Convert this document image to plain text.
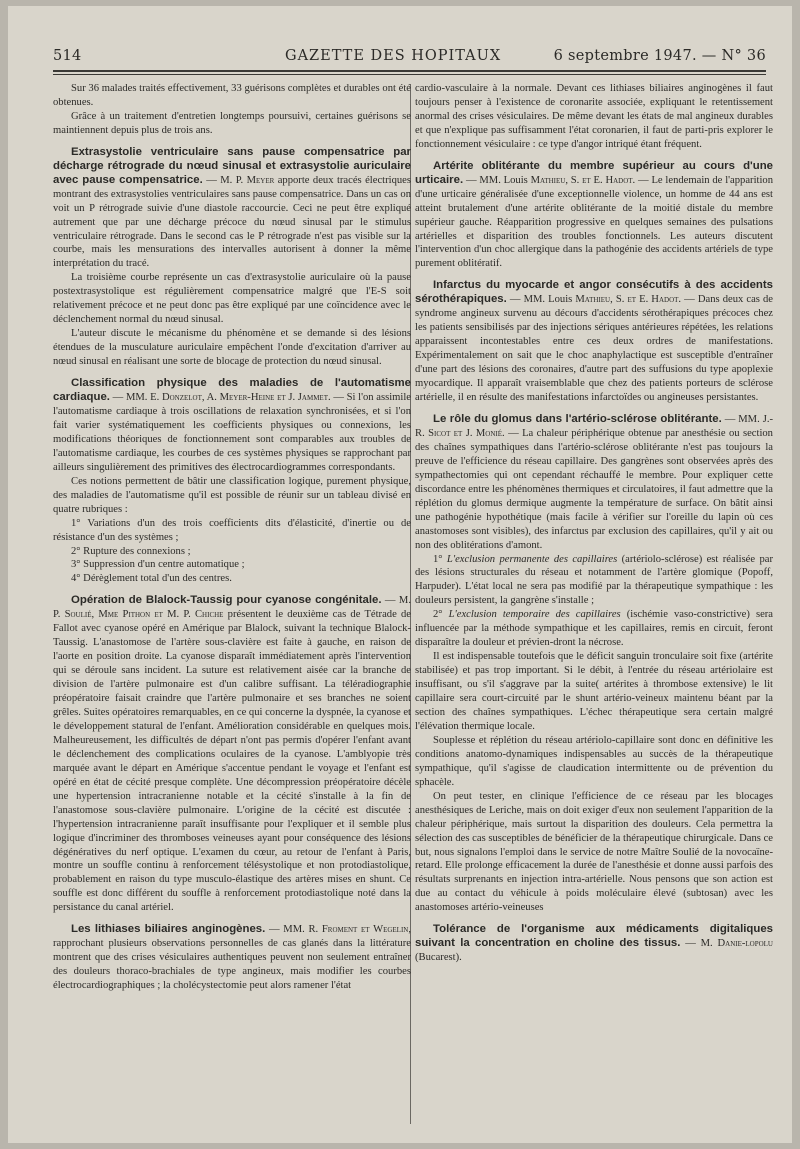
514	GAZETTE DES HOPITAUX	6 septembre 1947. — N° 36

Sur 36 malades traités effectivement, 33 guérisons complètes et durables ont été obtenues.

Grâce à un traitement d'entretien longtemps poursuivi, certaines guérisons se maintiennent depuis plus de trois ans.

Extrasystolie ventriculaire sans pause compensatrice par décharge rétrograde du nœud sinusal et extrasystolie auriculaire avec pause compensatrice. — M. P. Meyer apporte deux tracés électriques montrant des extrasystolies ventriculaires sans pause compensatrice. Dans un cas on voit un P rétrograde suivie d'une diastole raccourcie. Ceci ne peut être expliqué autrement que par une décharge précoce du nœud sinusal par le stimulus ventriculaire rétrograde. Dans le second cas le P rétrograde n'est pas visible sur la courbe, mais les mensurations des intervalles autorisent à donner la même interprétation du tracé.

La troisième courbe représente un cas d'extrasystolie auriculaire où la pause postextrasystolique est régulièrement compensatrice malgré que l'E-S soit relativement précoce et ne peut donc pas être expliqué par une coïncidence avec le déclenchement normal du nœud sinusal.

L'auteur discute le mécanisme du phénomène et se demande si des lésions étendues de la musculature auriculaire empêchent l'onde d'excitation d'arriver au nœud sinusal en réalisant une sorte de blocage de protection du nœud sinusal.

Classification physique des maladies de l'automatisme cardiaque. — MM. E. Donzelot, A. Meyer-Heine et J. Jammet. — Si l'on assimile l'automatisme cardiaque à trois oscillations de relaxation synchronisées, et si l'on fait varier systématiquement les coefficients physiques ou connexions, les modifications théoriques de fonctionnement sont comparables aux troubles de l'automatisme cardiaque, les courbes de ces systèmes physiques se rapprochant par ailleurs singulièrement des primitives des électrocardiogrammes correspondants.

Ces notions permettent de bâtir une classification logique, purement physique, des maladies de l'automatisme qu'il est possible de réunir sur un tableau divisé en quatre rubriques :

1° Variations d'un des trois coefficients dits d'élasticité, d'inertie ou de résistance d'un des systèmes ;

2° Rupture des connexions ;

3° Suppression d'un centre automatique ;

4° Dérèglement total d'un des centres.

Opération de Blalock-Taussig pour cyanose congénitale. — M. P. Soulié, Mme Pithon et M. P. Chiche présentent le deuxième cas de Tétrade de Fallot avec cyanose opéré en Amérique par Blalock, suivant la technique Blalock-Taussig. L'anastomose de l'artère sous-clavière est faite à gauche, en raison de l'aorte en position droite. La cyanose disparaît immédiatement après l'intervention qui se déroule sans incident. La suture est relativement aisée car la branche de division de l'artère pulmonaire est d'un calibre suffisant. La téléradiographie préopératoire faisait craindre que l'artère pulmonaire et ses branches ne soient grêles. Suites opératoires remarquables, en ce qui concerne la dyspnée, la cyanose et le développement statural de l'enfant. Amélioration considérable en quelques mois. Malheureusement, les difficultés de départ n'ont pas permis d'opérer l'enfant avant le déclenchement des complications oculaires de la cyanose. L'amblyopie très marquée avant le départ en Amérique s'accentue pendant le voyage et l'enfant est opéré en état de cécité presque complète. Une décompression préopératoire décèle une hypertension intracranienne notable et la cécité s'installe à la fin de l'anastomose sous-clavière pulmonaire. L'origine de la cécité est discutée : l'hypertension intracranienne paraît insuffisante pour l'expliquer et il semble plus logique d'incriminer des thromboses veineuses ayant pour conséquence des lésions dégénératives du nerf optique. L'examen du cœur, au retour de l'enfant à Paris, montre un souffle continu à renforcement télésystolique et non protodiastolique, probablement en raison du type musculo-élastique des artères mises en shunt. Ce souffle est donc différent du souffle à renforcement protodiastolique noté dans la persistance du canal artériel.

Les lithiases biliaires anginogènes. — MM. R. Froment et Wegelin, rapprochant plusieurs observations personnelles de cas glanés dans la littérature montrent que des crises vésiculaires authentiques peuvent non seulement entraîner des douleurs thoraco-brachiales de type angineux, mais modifier les courbes électrocardiographiques ; la cholécystectomie peut alors ramener l'état

cardio-vasculaire à la normale. Devant ces lithiases biliaires anginogènes il faut toujours penser à l'existence de coronarite associée, expliquant le retentissement anormal des crises vésiculaires. De même devant les états de mal angineux durables et que n'explique pas suffisamment l'état coronarien, il faut de parti-pris explorer le fonctionnement vésiculaire : ce type d'angor intriqué étant fréquent.

Artérite oblitérante du membre supérieur au cours d'une urticaire. — MM. Louis Mathieu, S. et E. Hadot. — Le lendemain de l'apparition d'une urticaire généralisée d'une exceptionnelle violence, un homme de 44 ans est atteint brutalement d'une artérite oblitérante de la moitié distale du membre supérieur gauche. Réapparition progressive en quelques semaines des pulsations artérielles et disparition des troubles fonctionnels. Les auteurs discutent l'intervention d'un choc allergique dans la pathogénie des accidents artériels de type purement oblitératif.

Infarctus du myocarde et angor consécutifs à des accidents sérothérapiques. — MM. Louis Mathieu, S. et E. Hadot. — Dans deux cas de syndrome angineux survenu au décours d'accidents sérothérapiques précoces chez les patients sensibilisés par des injections sériques antérieures répétées, les relations apparaissent incontestables entre ces deux ordres de manifestations. Expérimentalement on sait que le choc anaphylactique est susceptible d'entraîner d'une part des lésions des coronaires, d'autre part des suffusions du type apoplexie myocardique. Il apparaît vraisemblable que chez des patients porteurs de sclérose artérielle, il en résulte des manifestations infarctoïdes ou angineuses persistantes.

Le rôle du glomus dans l'artério-sclérose oblitérante. — MM. J.-R. Sicot et J. Monié. — La chaleur périphérique obtenue par anesthésie ou section des chaînes sympathiques dans l'artério-sclérose oblitérante n'est pas toujours la preuve de l'efficience du réseau capillaire. Des gangrènes sont observées après des sympathectomies qui ont cependant réchauffé le membre. Pour expliquer cette discordance entre les phénomènes thermiques et circulatoires, il faut admettre que la réplétion du glomus dermique augmente la température de surface. On bâtit ainsi une pathogénie hypothétique (mais facile à vérifier sur l'oreille du lapin où ces anastomoses sont visibles), des infarctus par exclusion des capillaires, qu'il y ait ou non des oblitérations d'amont.

1° L'exclusion permanente des capillaires (artériolo-sclérose) est réalisée par des lésions structurales du réseau et notamment de l'artère glomique (Popoff, Harpuder). L'état local ne sera pas modifié par la thérapeutique sympathique : les douleurs persistent, la gangrène s'installe ;

2° L'exclusion temporaire des capillaires (ischémie vaso-constrictive) sera influencée par la méthode sympathique et les capillaires, remis en circuit, feront disparaître la douleur et prévien-dront la nécrose.

Il est indispensable toutefois que le déficit sanguin tronculaire soit fixe (artérite stabilisée) et pas trop important. Si le débit, à l'entrée du réseau artériolaire est insuffisant, ou s'il s'aggrave par la suite( artérites à thrombose extensive) le lit capillaire sera court-circuité par le shunt artério-veineux maintenu béant par la section des chaînes sympathiques. L'échec thérapeutique sera certain malgré l'élévation thermique locale.

Souplesse et réplétion du réseau artériolo-capillaire sont donc en définitive les conditions anatomo-dynamiques indispensables au succès de la thérapeutique sympathique, qu'il s'agisse de claudication intermittente ou de prévention du sphacèle.

On peut tester, en clinique l'efficience de ce réseau par les blocages anesthésiques de Leriche, mais on doit exiger d'eux non seulement l'apparition de la chaleur périphérique, mais surtout la disparition des douleurs. Cela permettra la sélection des cas susceptibles de bénéficier de la thérapeutique chirurgicale. Dans ce but, nous signalons l'emploi dans le service de notre Maître Soulié de la novocaïne-retard. Elle prolonge efficacement la durée de l'anesthésie et donne aussi parfois des résultats surprenants en injection intra-artérielle. Nous pensons que son action est due au contact du véhicule à poids moléculaire élevé (subtosan) avec les anastomoses artério-veineuses

Tolérance de l'organisme aux médicaments digitaliques suivant la concentration en choline des tissus. — M. Danie-lopolu (Bucarest).
